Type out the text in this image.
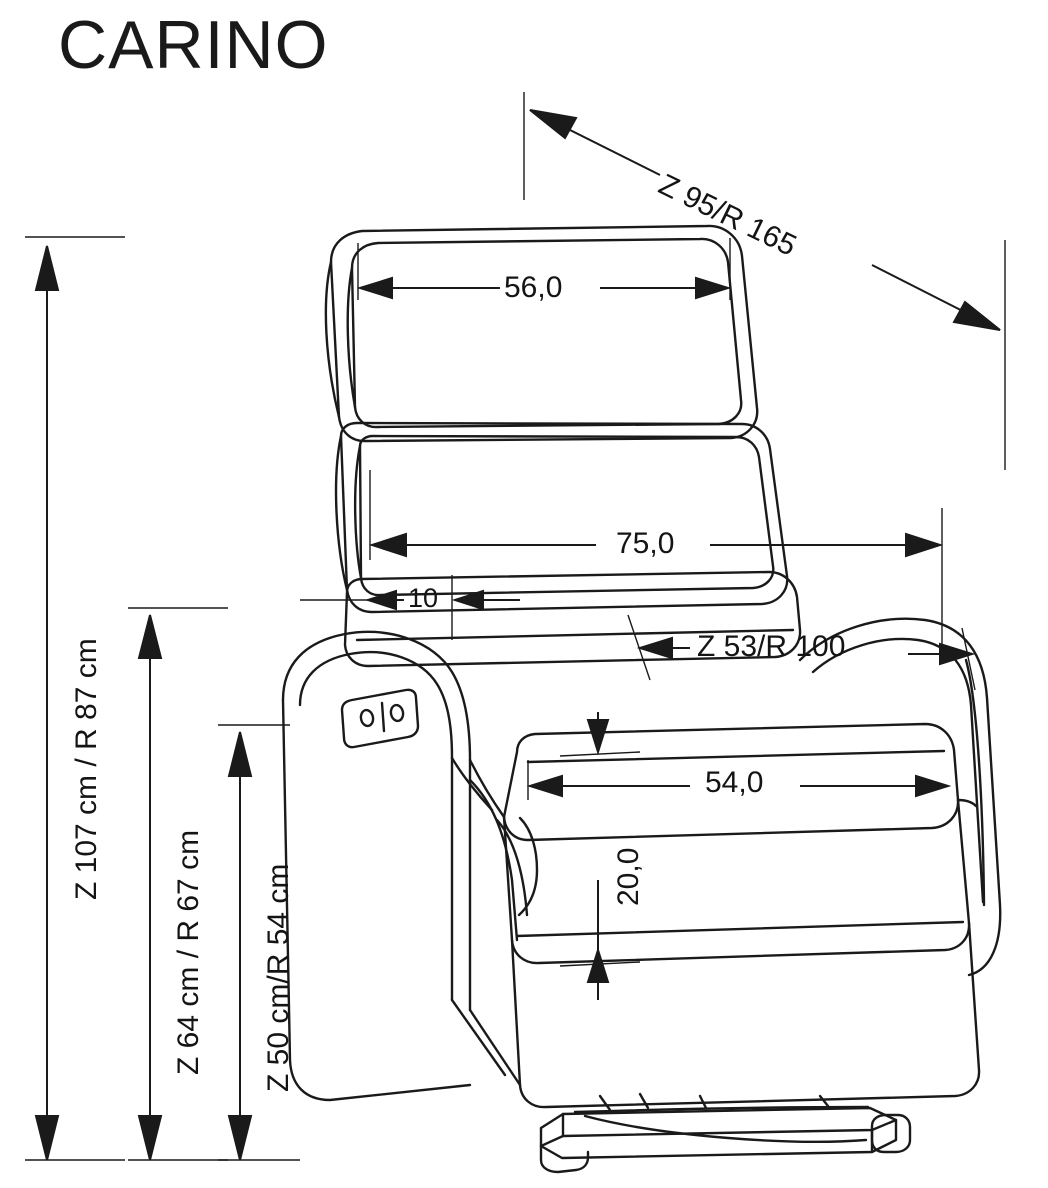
CARINO
56,0
75,0
10
Z 53/R 100
54,0
20,0
Z 95/R 165
Z 107 cm / R 87 cm
Z 64 cm / R 67 cm Z 50 cm/R 54 cm
